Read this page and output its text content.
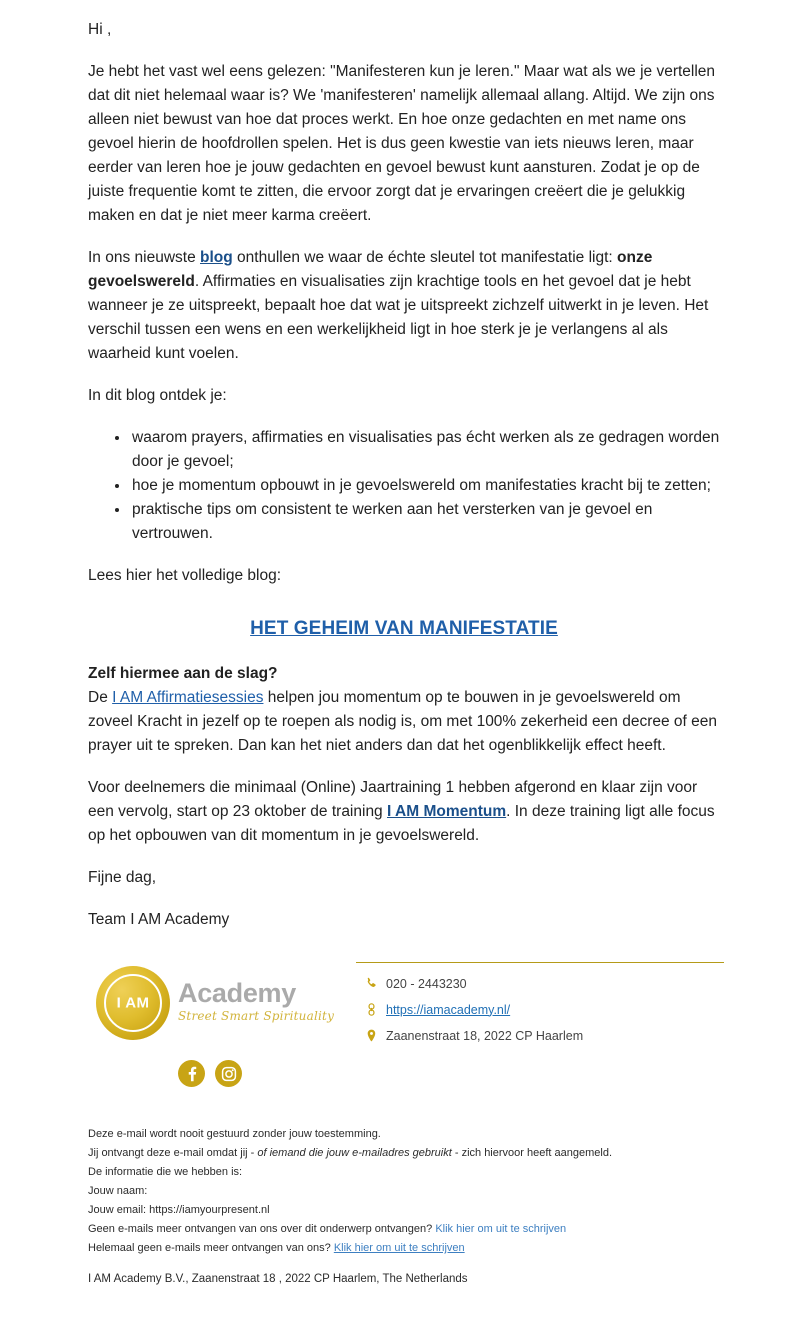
Hi ,

Je hebt het vast wel eens gelezen: "Manifesteren kun je leren." Maar wat als we je vertellen dat dit niet helemaal waar is? We 'manifesteren' namelijk allemaal allang. Altijd. We zijn ons alleen niet bewust van hoe dat proces werkt. En hoe onze gedachten en met name ons gevoel hierin de hoofdrollen spelen. Het is dus geen kwestie van iets nieuws leren, maar eerder van leren hoe je jouw gedachten en gevoel bewust kunt aansturen. Zodat je op de juiste frequentie komt te zitten, die ervoor zorgt dat je ervaringen creëert die je gelukkig maken en dat je niet meer karma creëert.

In ons nieuwste blog onthullen we waar de échte sleutel tot manifestatie ligt: onze gevoelswereld. Affirmaties en visualisaties zijn krachtige tools en het gevoel dat je hebt wanneer je ze uitspreekt, bepaalt hoe dat wat je uitspreekt zichzelf uitwerkt in je leven. Het verschil tussen een wens en een werkelijkheid ligt in hoe sterk je je verlangens al als waarheid kunt voelen.

In dit blog ontdek je:

• waarom prayers, affirmaties en visualisaties pas écht werken als ze gedragen worden door je gevoel;
• hoe je momentum opbouwt in je gevoelswereld om manifestaties kracht bij te zetten;
• praktische tips om consistent te werken aan het versterken van je gevoel en vertrouwen.

Lees hier het volledige blog:

HET GEHEIM VAN MANIFESTATIE

Zelf hiermee aan de slag?

De I AM Affirmatiesessies helpen jou momentum op te bouwen in je gevoelswereld om zoveel Kracht in jezelf op te roepen als nodig is, om met 100% zekerheid een decree of een prayer uit te spreken. Dan kan het niet anders dan dat het ogenblikkelijk effect heeft.

Voor deelnemers die minimaal (Online) Jaartraining 1 hebben afgerond en klaar zijn voor een vervolg, start op 23 oktober de training I AM Momentum. In deze training ligt alle focus op het opbouwen van dit momentum in je gevoelswereld.

Fijne dag,

Team I AM Academy

I AM	Academy
Street Smart Spirituality
020 - 2443230
https://iamacademy.nl/
Zaanenstraat 18, 2022 CP Haarlem

Deze e-mail wordt nooit gestuurd zonder jouw toestemming.

Jij ontvangt deze e-mail omdat jij - of iemand die jouw e-mailadres gebruikt - zich hiervoor heeft aangemeld.

De informatie die we hebben is:

Jouw naam:

Jouw email: https://iamyourpresent.nl

Geen e-mails meer ontvangen van ons over dit onderwerp ontvangen? Klik hier om uit te schrijven

Helemaal geen e-mails meer ontvangen van ons? Klik hier om uit te schrijven

I AM Academy B.V., Zaanenstraat 18 , 2022 CP Haarlem, The Netherlands
